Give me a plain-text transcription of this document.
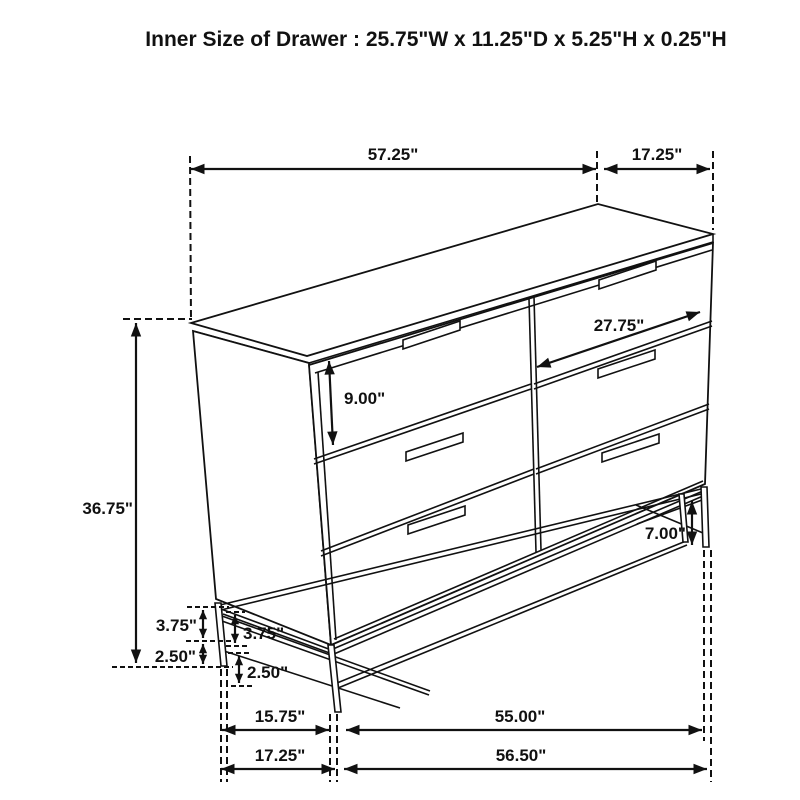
Inner Size of Drawer : 25.75"W x 11.25"D x 5.25"H x 0.25"H
57.25"	17.25"
36.75"
9.00"
27.75"
7.00"
3.75"
2.50"
3.75"
2.50"
15.75"	55.00"
17.25"	56.50"
